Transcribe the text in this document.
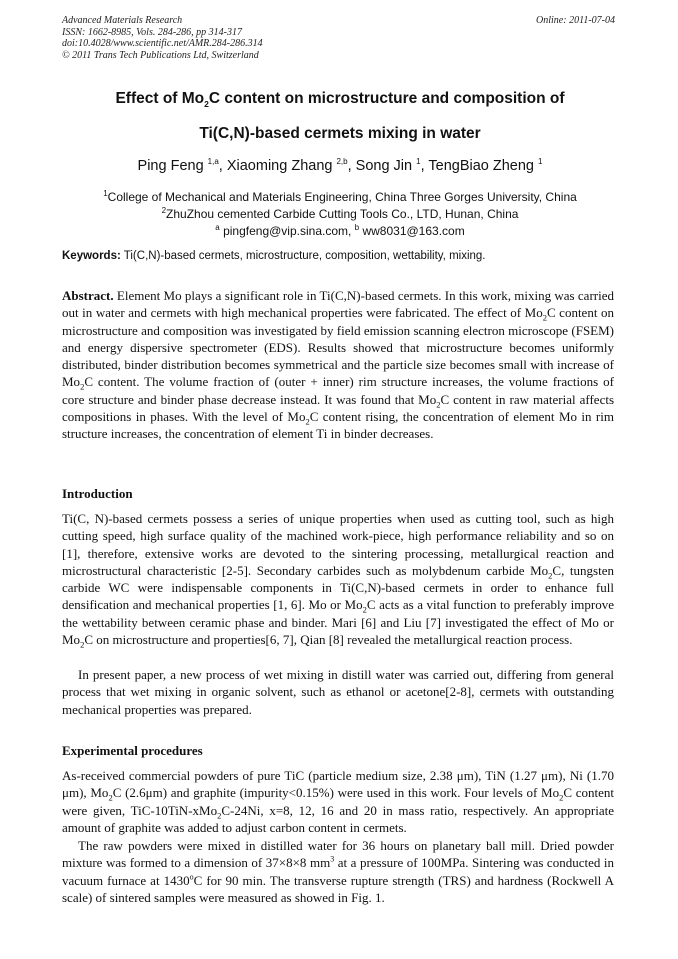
Advanced Materials Research
ISSN: 1662-8985, Vols. 284-286, pp 314-317
doi:10.4028/www.scientific.net/AMR.284-286.314
© 2011 Trans Tech Publications Ltd, Switzerland
Online: 2011-07-04
Effect of $Mo_2C$ content on microstructure and composition of
Ti(C,N)-based cermets mixing in water
Ping Feng $^{1,a}$, Xiaoming Zhang $^{2,b}$, Song Jin $^1$, TengBiao Zheng $^1$
$^1$College of Mechanical and Materials Engineering, China Three Gorges University, China
$^2$ZhuZhou cemented Carbide Cutting Tools Co., LTD, Hunan, China
$^a$ pingfeng@vip.sina.com, $^b$ ww8031@163.com
Keywords: Ti(C,N)-based cermets, microstructure, composition, wettability, mixing.
Abstract. Element Mo plays a significant role in Ti(C,N)-based cermets. In this work, mixing was carried out in water and cermets with high mechanical properties were fabricated. The effect of $Mo_2C$ content on microstructure and composition was investigated by field emission scanning electron microscope (FSEM) and energy dispersive spectrometer (EDS). Results showed that microstructure becomes uniformly distributed, binder distribution becomes symmetrical and the particle size becomes small with increase of $Mo_2C$ content. The volume fraction of (outer + inner) rim structure increases, the volume fractions of core structure and binder phase decrease instead. It was found that $Mo_2C$ content in raw material affects compositions in phases. With the level of $Mo_2C$ content rising, the concentration of element Mo in rim structure increases, the concentration of element Ti in binder decreases.
Introduction
Ti(C, N)-based cermets possess a series of unique properties when used as cutting tool, such as high cutting speed, high surface quality of the machined work-piece, high performance reliability and so on [1], therefore, extensive works are devoted to the sintering processing, metallurgical reaction and microstructural characteristic [2-5]. Secondary carbides such as molybdenum carbide $Mo_2C$, tungsten carbide WC were indispensable components in Ti(C,N)-based cermets in order to enhance full densification and mechanical properties [1, 6]. Mo or $Mo_2C$ acts as a vital function to preferably improve the wettability between ceramic phase and binder. Mari [6] and Liu [7] investigated the effect of Mo or $Mo_2C$ on microstructure and properties[6, 7], Qian [8] revealed the metallurgical reaction process.
In present paper, a new process of wet mixing in distill water was carried out, differing from general process that wet mixing in organic solvent, such as ethanol or acetone[2-8], cermets with outstanding mechanical properties was prepared.
Experimental procedures
As-received commercial powders of pure TiC (particle medium size, 2.38 μm), TiN (1.27 μm), Ni (1.70 μm), $Mo_2C$ (2.6μm) and graphite (impurity<0.15%) were used in this work. Four levels of $Mo_2C$ content were given, TiC-10TiN-xMo$_2$C-24Ni, x=8, 12, 16 and 20 in mass ratio, respectively. An appropriate amount of graphite was added to adjust carbon content in cermets.
The raw powders were mixed in distilled water for 36 hours on planetary ball mill. Dried powder mixture was formed to a dimension of 37×8×8 $mm^3$ at a pressure of 100MPa. Sintering was conducted in vacuum furnace at 1430$^o$C for 90 min. The transverse rupture strength (TRS) and hardness (Rockwell A scale) of sintered samples were measured as showed in Fig. 1.
